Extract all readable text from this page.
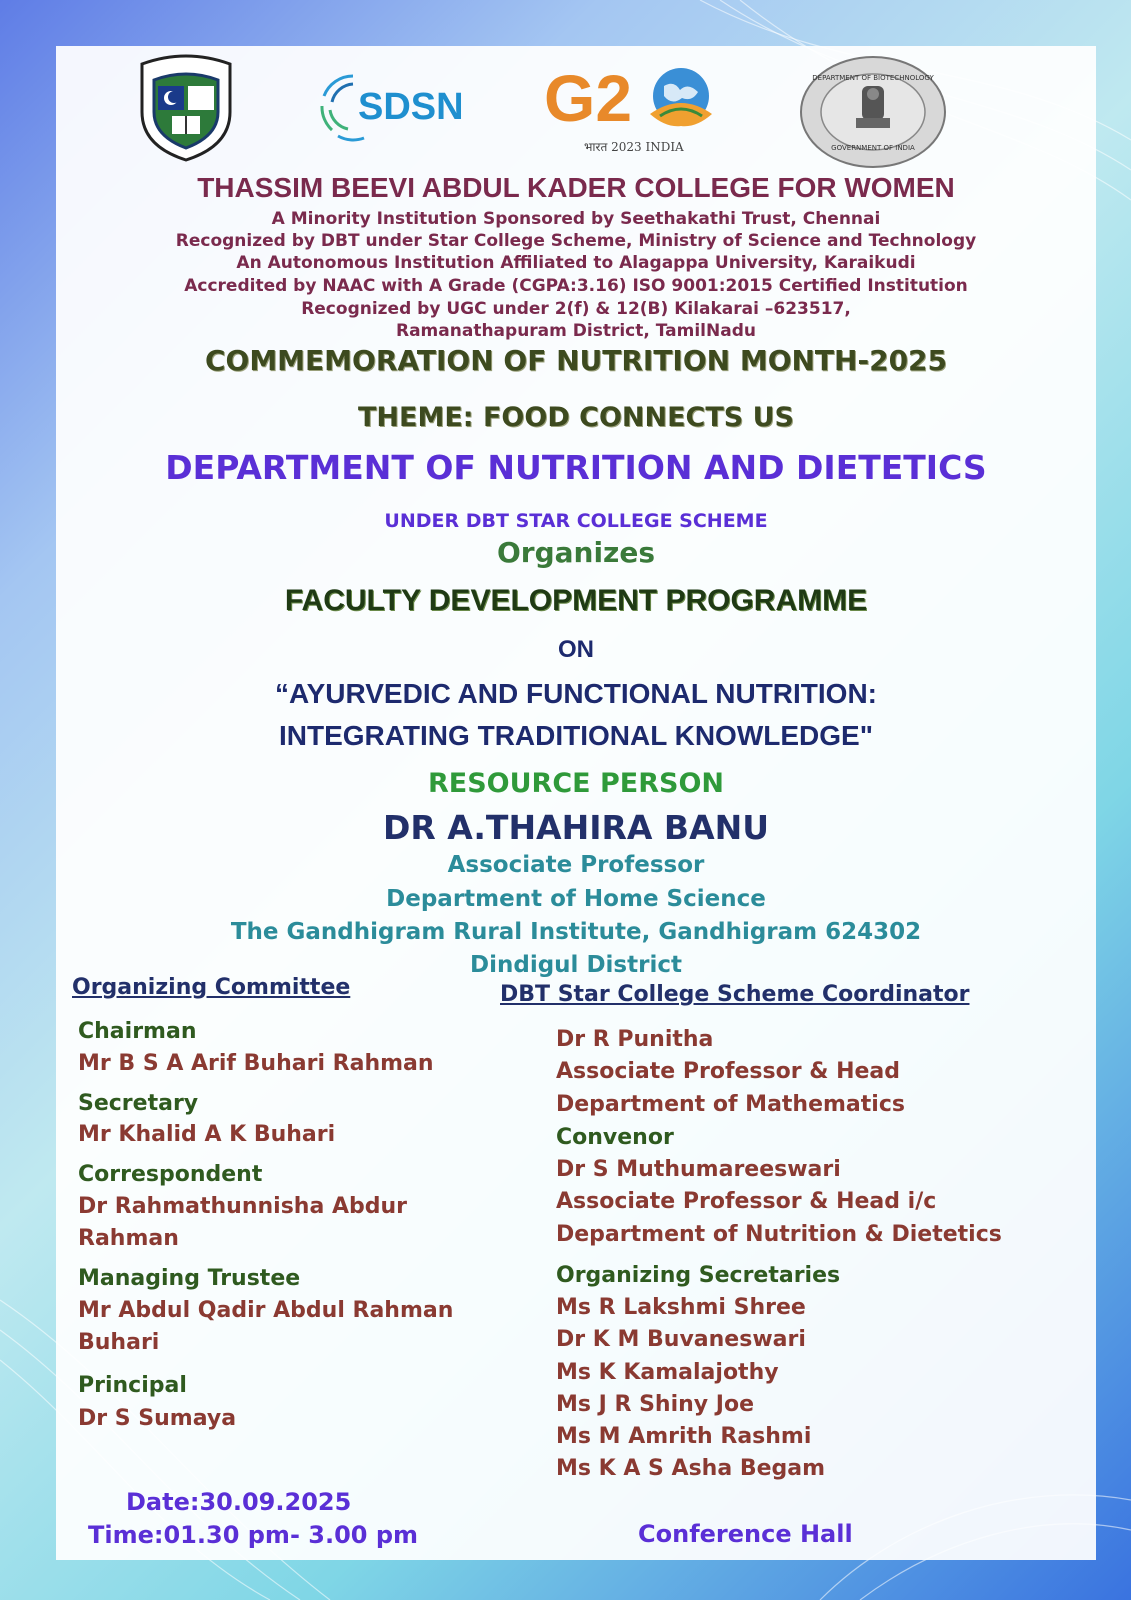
SDSN G2
भारत 2023 INDIA
DEPARTMENT OF BIOTECHNOLOGY
GOVERNMENT OF INDIA
THASSIM BEEVI ABDUL KADER COLLEGE FOR WOMEN
A Minority Institution Sponsored by Seethakathi Trust, Chennai
Recognized by DBT under Star College Scheme, Ministry of Science and Technology
An Autonomous Institution Affiliated to Alagappa University, Karaikudi
Accredited by NAAC with A Grade (CGPA:3.16) ISO 9001:2015 Certified Institution
Recognized by UGC under 2(f) & 12(B) Kilakarai –623517,
Ramanathapuram District, TamilNadu
COMMEMORATION OF NUTRITION MONTH-2025
THEME: FOOD CONNECTS US
DEPARTMENT OF NUTRITION AND DIETETICS
UNDER DBT STAR COLLEGE SCHEME
Organizes
FACULTY DEVELOPMENT PROGRAMME
ON
“AYURVEDIC AND FUNCTIONAL NUTRITION:
INTEGRATING TRADITIONAL KNOWLEDGE"
RESOURCE PERSON
DR A.THAHIRA BANU
Associate Professor
Department of Home Science
The Gandhigram Rural Institute, Gandhigram 624302
Dindigul District
Organizing Committee
Chairman
Mr B S A Arif Buhari Rahman
Secretary
Mr Khalid A K Buhari
Correspondent
Dr Rahmathunnisha Abdur
Rahman
Managing Trustee
Mr Abdul Qadir Abdul Rahman
Buhari
Principal
Dr S Sumaya
DBT Star College Scheme Coordinator
Dr R Punitha
Associate Professor & Head
Department of Mathematics
Convenor
Dr S Muthumareeswari
Associate Professor & Head i/c
Department of Nutrition & Dietetics
Organizing Secretaries
Ms R Lakshmi Shree
Dr K M Buvaneswari
Ms K Kamalajothy
Ms J R Shiny Joe
Ms M Amrith Rashmi
Ms K A S Asha Begam
Date:30.09.2025
Time:01.30 pm- 3.00 pm	Conference Hall
